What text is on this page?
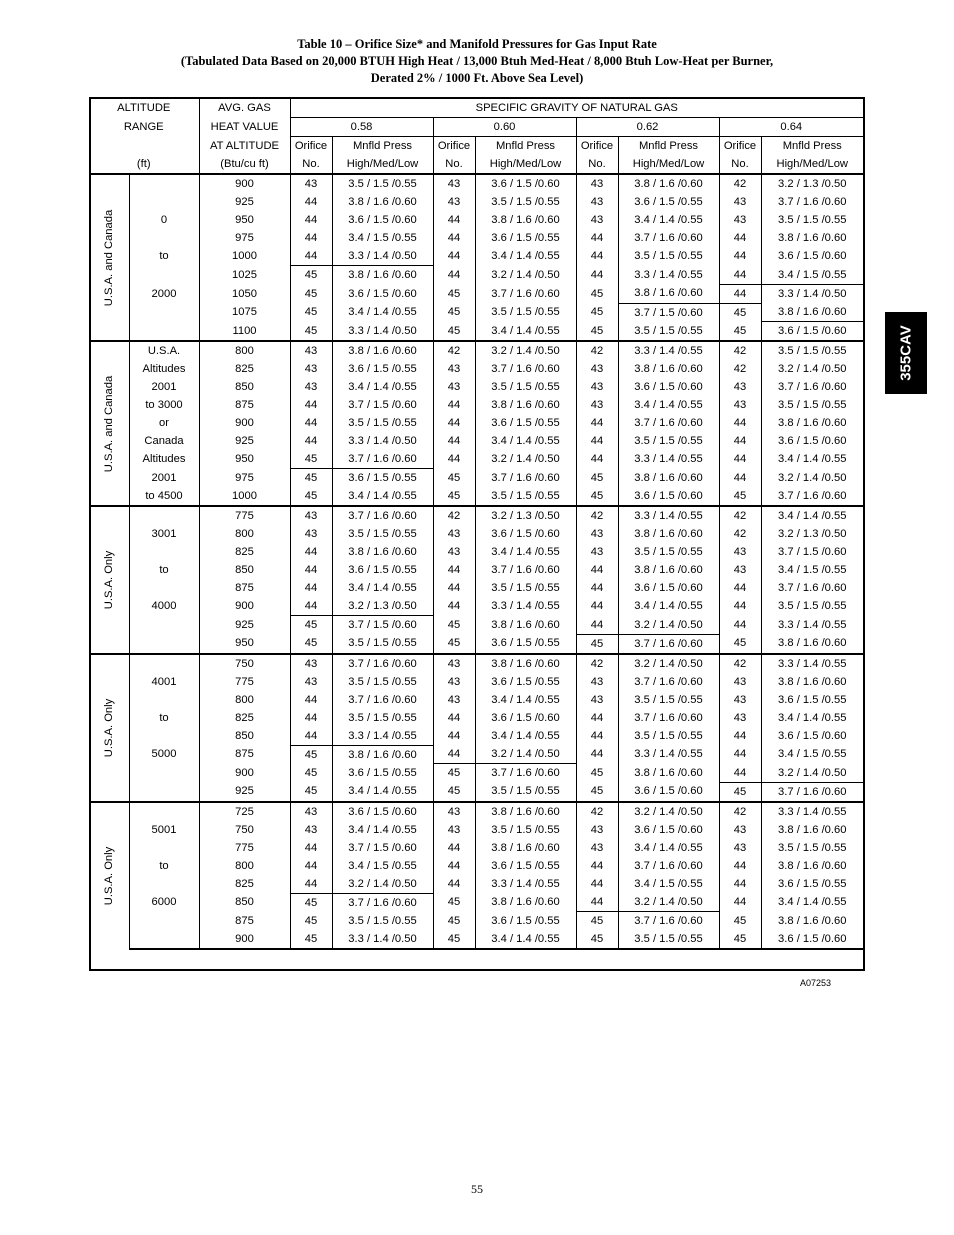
Table 10 – Orifice Size* and Manifold Pressures for Gas Input Rate
(Tabulated Data Based on 20,000 BTUH High Heat / 13,000 Btuh Med-Heat / 8,000 Btuh Low-Heat per Burner,
Derated 2% / 1000 Ft. Above Sea Level)
ALTITUDE		AVG. GAS	SPECIFIC GRAVITY OF NATURAL GAS							
RANGE		HEAT VALUE	0.58		0.60		0.62		0.64	
		AT ALTITUDE	Orifice	Mnfld Press	Orifice	Mnfld Press	Orifice	Mnfld Press	Orifice	Mnfld Press
(ft)		(Btu/cu ft)	No.	High/Med/Low	No.	High/Med/Low	No.	High/Med/Low	No.	High/Med/Low

U.S.A. and Canada		900	43	3.5 / 1.5 /0.55	43	3.6 / 1.5 /0.60	43	3.8 / 1.6 /0.60	42	3.2 / 1.3 /0.50
		925	44	3.8 / 1.6 /0.60	43	3.5 / 1.5 /0.55	43	3.6 / 1.5 /0.55	43	3.7 / 1.6 /0.60
	0	950	44	3.6 / 1.5 /0.60	44	3.8 / 1.6 /0.60	43	3.4 / 1.4 /0.55	43	3.5 / 1.5 /0.55
		975	44	3.4 / 1.5 /0.55	44	3.6 / 1.5 /0.55	44	3.7 / 1.6 /0.60	44	3.8 / 1.6 /0.60
	to	1000	44	3.3 / 1.4 /0.50	44	3.4 / 1.4 /0.55	44	3.5 / 1.5 /0.55	44	3.6 / 1.5 /0.60
		1025	45	3.8 / 1.6 /0.60	44	3.2 / 1.4 /0.50	44	3.3 / 1.4 /0.55	44	3.4 / 1.5 /0.55
	2000	1050	45	3.6 / 1.5 /0.60	45	3.7 / 1.6 /0.60	45	3.8 / 1.6 /0.60	44	3.3 / 1.4 /0.50
		1075	45	3.4 / 1.4 /0.55	45	3.5 / 1.5 /0.55	45	3.7 / 1.5 /0.60	45	3.8 / 1.6 /0.60
		1100	45	3.3 / 1.4 /0.50	45	3.4 / 1.4 /0.55	45	3.5 / 1.5 /0.55	45	3.6 / 1.5 /0.60

U.S.A. and Canada	U.S.A.	800	43	3.8 / 1.6 /0.60	42	3.2 / 1.4 /0.50	42	3.3 / 1.4 /0.55	42	3.5 / 1.5 /0.55
	Altitudes	825	43	3.6 / 1.5 /0.55	43	3.7 / 1.6 /0.60	43	3.8 / 1.6 /0.60	42	3.2 / 1.4 /0.50
	2001	850	43	3.4 / 1.4 /0.55	43	3.5 / 1.5 /0.55	43	3.6 / 1.5 /0.60	43	3.7 / 1.6 /0.60
	to 3000	875	44	3.7 / 1.5 /0.60	44	3.8 / 1.6 /0.60	43	3.4 / 1.4 /0.55	43	3.5 / 1.5 /0.55
	or	900	44	3.5 / 1.5 /0.55	44	3.6 / 1.5 /0.55	44	3.7 / 1.6 /0.60	44	3.8 / 1.6 /0.60
	Canada	925	44	3.3 / 1.4 /0.50	44	3.4 / 1.4 /0.55	44	3.5 / 1.5 /0.55	44	3.6 / 1.5 /0.60
	Altitudes	950	45	3.7 / 1.6 /0.60	44	3.2 / 1.4 /0.50	44	3.3 / 1.4 /0.55	44	3.4 / 1.4 /0.55
	2001	975	45	3.6 / 1.5 /0.55	45	3.7 / 1.6 /0.60	45	3.8 / 1.6 /0.60	44	3.2 / 1.4 /0.50
	to 4500	1000	45	3.4 / 1.4 /0.55	45	3.5 / 1.5 /0.55	45	3.6 / 1.5 /0.60	45	3.7 / 1.6 /0.60

U.S.A. Only		775	43	3.7 / 1.6 /0.60	42	3.2 / 1.3 /0.50	42	3.3 / 1.4 /0.55	42	3.4 / 1.4 /0.55
	3001	800	43	3.5 / 1.5 /0.55	43	3.6 / 1.5 /0.60	43	3.8 / 1.6 /0.60	42	3.2 / 1.3 /0.50
		825	44	3.8 / 1.6 /0.60	43	3.4 / 1.4 /0.55	43	3.5 / 1.5 /0.55	43	3.7 / 1.5 /0.60
	to	850	44	3.6 / 1.5 /0.55	44	3.7 / 1.6 /0.60	44	3.8 / 1.6 /0.60	43	3.4 / 1.5 /0.55
		875	44	3.4 / 1.4 /0.55	44	3.5 / 1.5 /0.55	44	3.6 / 1.5 /0.60	44	3.7 / 1.6 /0.60
	4000	900	44	3.2 / 1.3 /0.50	44	3.3 / 1.4 /0.55	44	3.4 / 1.4 /0.55	44	3.5 / 1.5 /0.55
		925	45	3.7 / 1.5 /0.60	45	3.8 / 1.6 /0.60	44	3.2 / 1.4 /0.50	44	3.3 / 1.4 /0.55
		950	45	3.5 / 1.5 /0.55	45	3.6 / 1.5 /0.55	45	3.7 / 1.6 /0.60	45	3.8 / 1.6 /0.60

U.S.A. Only		750	43	3.7 / 1.6 /0.60	43	3.8 / 1.6 /0.60	42	3.2 / 1.4 /0.50	42	3.3 / 1.4 /0.55
	4001	775	43	3.5 / 1.5 /0.55	43	3.6 / 1.5 /0.55	43	3.7 / 1.6 /0.60	43	3.8 / 1.6 /0.60
		800	44	3.7 / 1.6 /0.60	43	3.4 / 1.4 /0.55	43	3.5 / 1.5 /0.55	43	3.6 / 1.5 /0.55
	to	825	44	3.5 / 1.5 /0.55	44	3.6 / 1.5 /0.60	44	3.7 / 1.6 /0.60	43	3.4 / 1.4 /0.55
		850	44	3.3 / 1.4 /0.55	44	3.4 / 1.4 /0.55	44	3.5 / 1.5 /0.55	44	3.6 / 1.5 /0.60
	5000	875	45	3.8 / 1.6 /0.60	44	3.2 / 1.4 /0.50	44	3.3 / 1.4 /0.55	44	3.4 / 1.5 /0.55
		900	45	3.6 / 1.5 /0.55	45	3.7 / 1.6 /0.60	45	3.8 / 1.6 /0.60	44	3.2 / 1.4 /0.50
		925	45	3.4 / 1.4 /0.55	45	3.5 / 1.5 /0.55	45	3.6 / 1.5 /0.60	45	3.7 / 1.6 /0.60

U.S.A. Only		725	43	3.6 / 1.5 /0.60	43	3.8 / 1.6 /0.60	42	3.2 / 1.4 /0.50	42	3.3 / 1.4 /0.55
	5001	750	43	3.4 / 1.4 /0.55	43	3.5 / 1.5 /0.55	43	3.6 / 1.5 /0.60	43	3.8 / 1.6 /0.60
		775	44	3.7 / 1.5 /0.60	44	3.8 / 1.6 /0.60	43	3.4 / 1.4 /0.55	43	3.5 / 1.5 /0.55
	to	800	44	3.4 / 1.5 /0.55	44	3.6 / 1.5 /0.55	44	3.7 / 1.6 /0.60	44	3.8 / 1.6 /0.60
		825	44	3.2 / 1.4 /0.50	44	3.3 / 1.4 /0.55	44	3.4 / 1.5 /0.55	44	3.6 / 1.5 /0.55
	6000	850	45	3.7 / 1.6 /0.60	45	3.8 / 1.6 /0.60	44	3.2 / 1.4 /0.50	44	3.4 / 1.4 /0.55
		875	45	3.5 / 1.5 /0.55	45	3.6 / 1.5 /0.55	45	3.7 / 1.6 /0.60	45	3.8 / 1.6 /0.60
		900	45	3.3 / 1.4 /0.50	45	3.4 / 1.4 /0.55	45	3.5 / 1.5 /0.55	45	3.6 / 1.5 /0.60
A07253
355CAV
55
